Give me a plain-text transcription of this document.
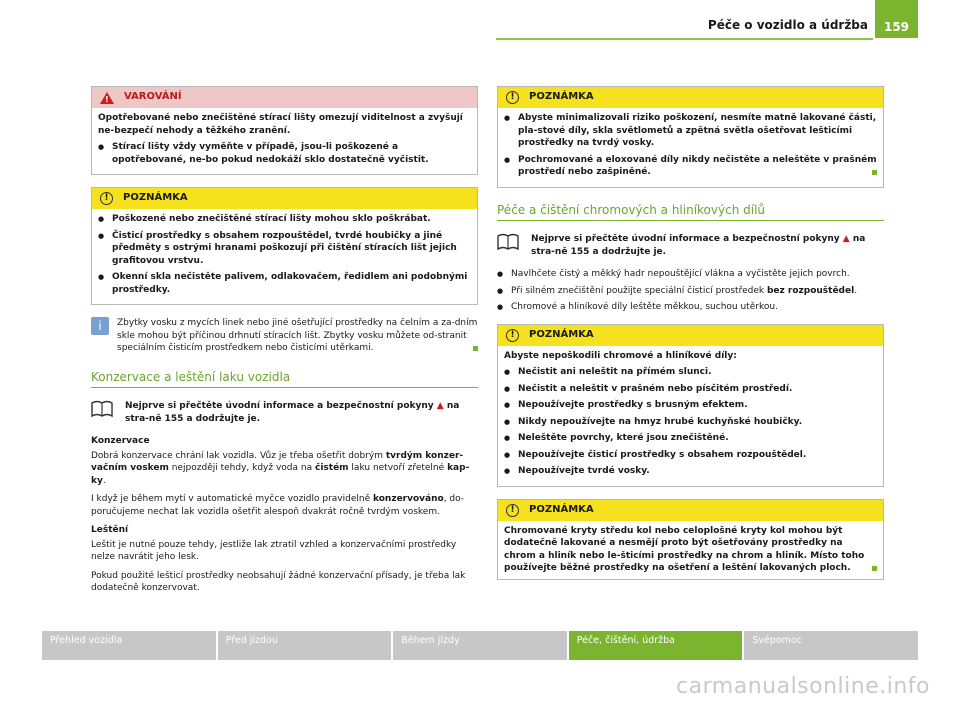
Péče o vozidlo a údržba	159
! VAROVÁNÍ

Opotřebované nebo znečištěné stírací lišty omezují viditelnost a zvyšují ne-bezpečí nehody a těžkého zranění.

● Stírací lišty vždy vyměňte v případě, jsou-li poškozené a opotřebované, ne-bo pokud nedokáží sklo dostatečně vyčistit.
!	POZNÁMKA
● Poškozené nebo znečištěné stírací lišty mohou sklo poškrábat.
● Čisticí prostředky s obsahem rozpouštědel, tvrdé houbičky a jiné předměty s ostrými hranami poškozují při čištění stíracích lišt jejich grafitovou vrstvu.
● Okenní skla nečistěte palivem, odlakovačem, ředidlem ani podobnými prostředky.
i	Zbytky vosku z mycích linek nebo jiné ošetřující prostředky na čelním a za-dním skle mohou být příčinou drhnutí stíracích lišt. Zbytky vosku můžete od-stranit speciálním čisticím prostředkem nebo čisticími utěrkami.
Konzervace a leštění laku vozidla
Nejprve si přečtěte úvodní informace a bezpečnostní pokyny ▲ na stra-ně 155 a dodržujte je.
Konzervace

Dobrá konzervace chrání lak vozidla. Vůz je třeba ošetřit dobrým tvrdým konzer-vačním voskem nejpozději tehdy, když voda na čistém laku netvoří zřetelné kap-ky.

I když je během mytí v automatické myčce vozidlo pravidelně konzervováno, do-poručujeme nechat lak vozidla ošetřit alespoň dvakrát ročně tvrdým voskem.

Leštění

Leštit je nutné pouze tehdy, jestliže lak ztratil vzhled a konzervačními prostředky nelze navrátit jeho lesk.

Pokud použité lešticí prostředky neobsahují žádné konzervační přísady, je třeba lak dodatečně konzervovat.

!	POZNÁMKA
● Abyste minimalizovali riziko poškození, nesmíte matně lakované části, pla-stové díly, skla světlometů a zpětná světla ošetřovat lešticími prostředky na tvrdý vosky.
● Pochromované a eloxované díly nikdy nečistěte a neleštěte v prašném prostředí nebo zašpiněné.
Péče a čištění chromových a hliníkových dílů
Nejprve si přečtěte úvodní informace a bezpečnostní pokyny ▲ na stra-ně 155 a dodržujte je.
● Navlhčete čistý a měkký hadr nepouštějící vlákna a vyčistěte jejich povrch.
● Při silném znečištění použijte speciální čisticí prostředek bez rozpouštědel.
● Chromové a hliníkové díly leštěte měkkou, suchou utěrkou.
!	POZNÁMKA

Abyste nepoškodili chromové a hliníkové díly:

● Nečistit ani neleštit na přímém slunci.
● Nečistit a neleštit v prašném nebo písčitém prostředí.
● Nepoužívejte prostředky s brusným efektem.
● Nikdy nepoužívejte na hmyz hrubé kuchyňské houbičky.
● Neleštěte povrchy, které jsou znečištěné.
● Nepoužívejte čisticí prostředky s obsahem rozpouštědel.
● Nepoužívejte tvrdé vosky.
!	POZNÁMKA
Chromované kryty středu kol nebo celoplošné kryty kol mohou být dodatečně lakované a nesmějí proto být ošetřovány prostředky na chrom a hliník nebo le-šticími prostředky na chrom a hliník. Místo toho používejte běžné prostředky na ošetření a leštění lakovaných ploch.
Přehled vozidla	Před jízdou	Během jízdy	Péče, čištění, údržba	Svépomoc
carmanualsonline.info
